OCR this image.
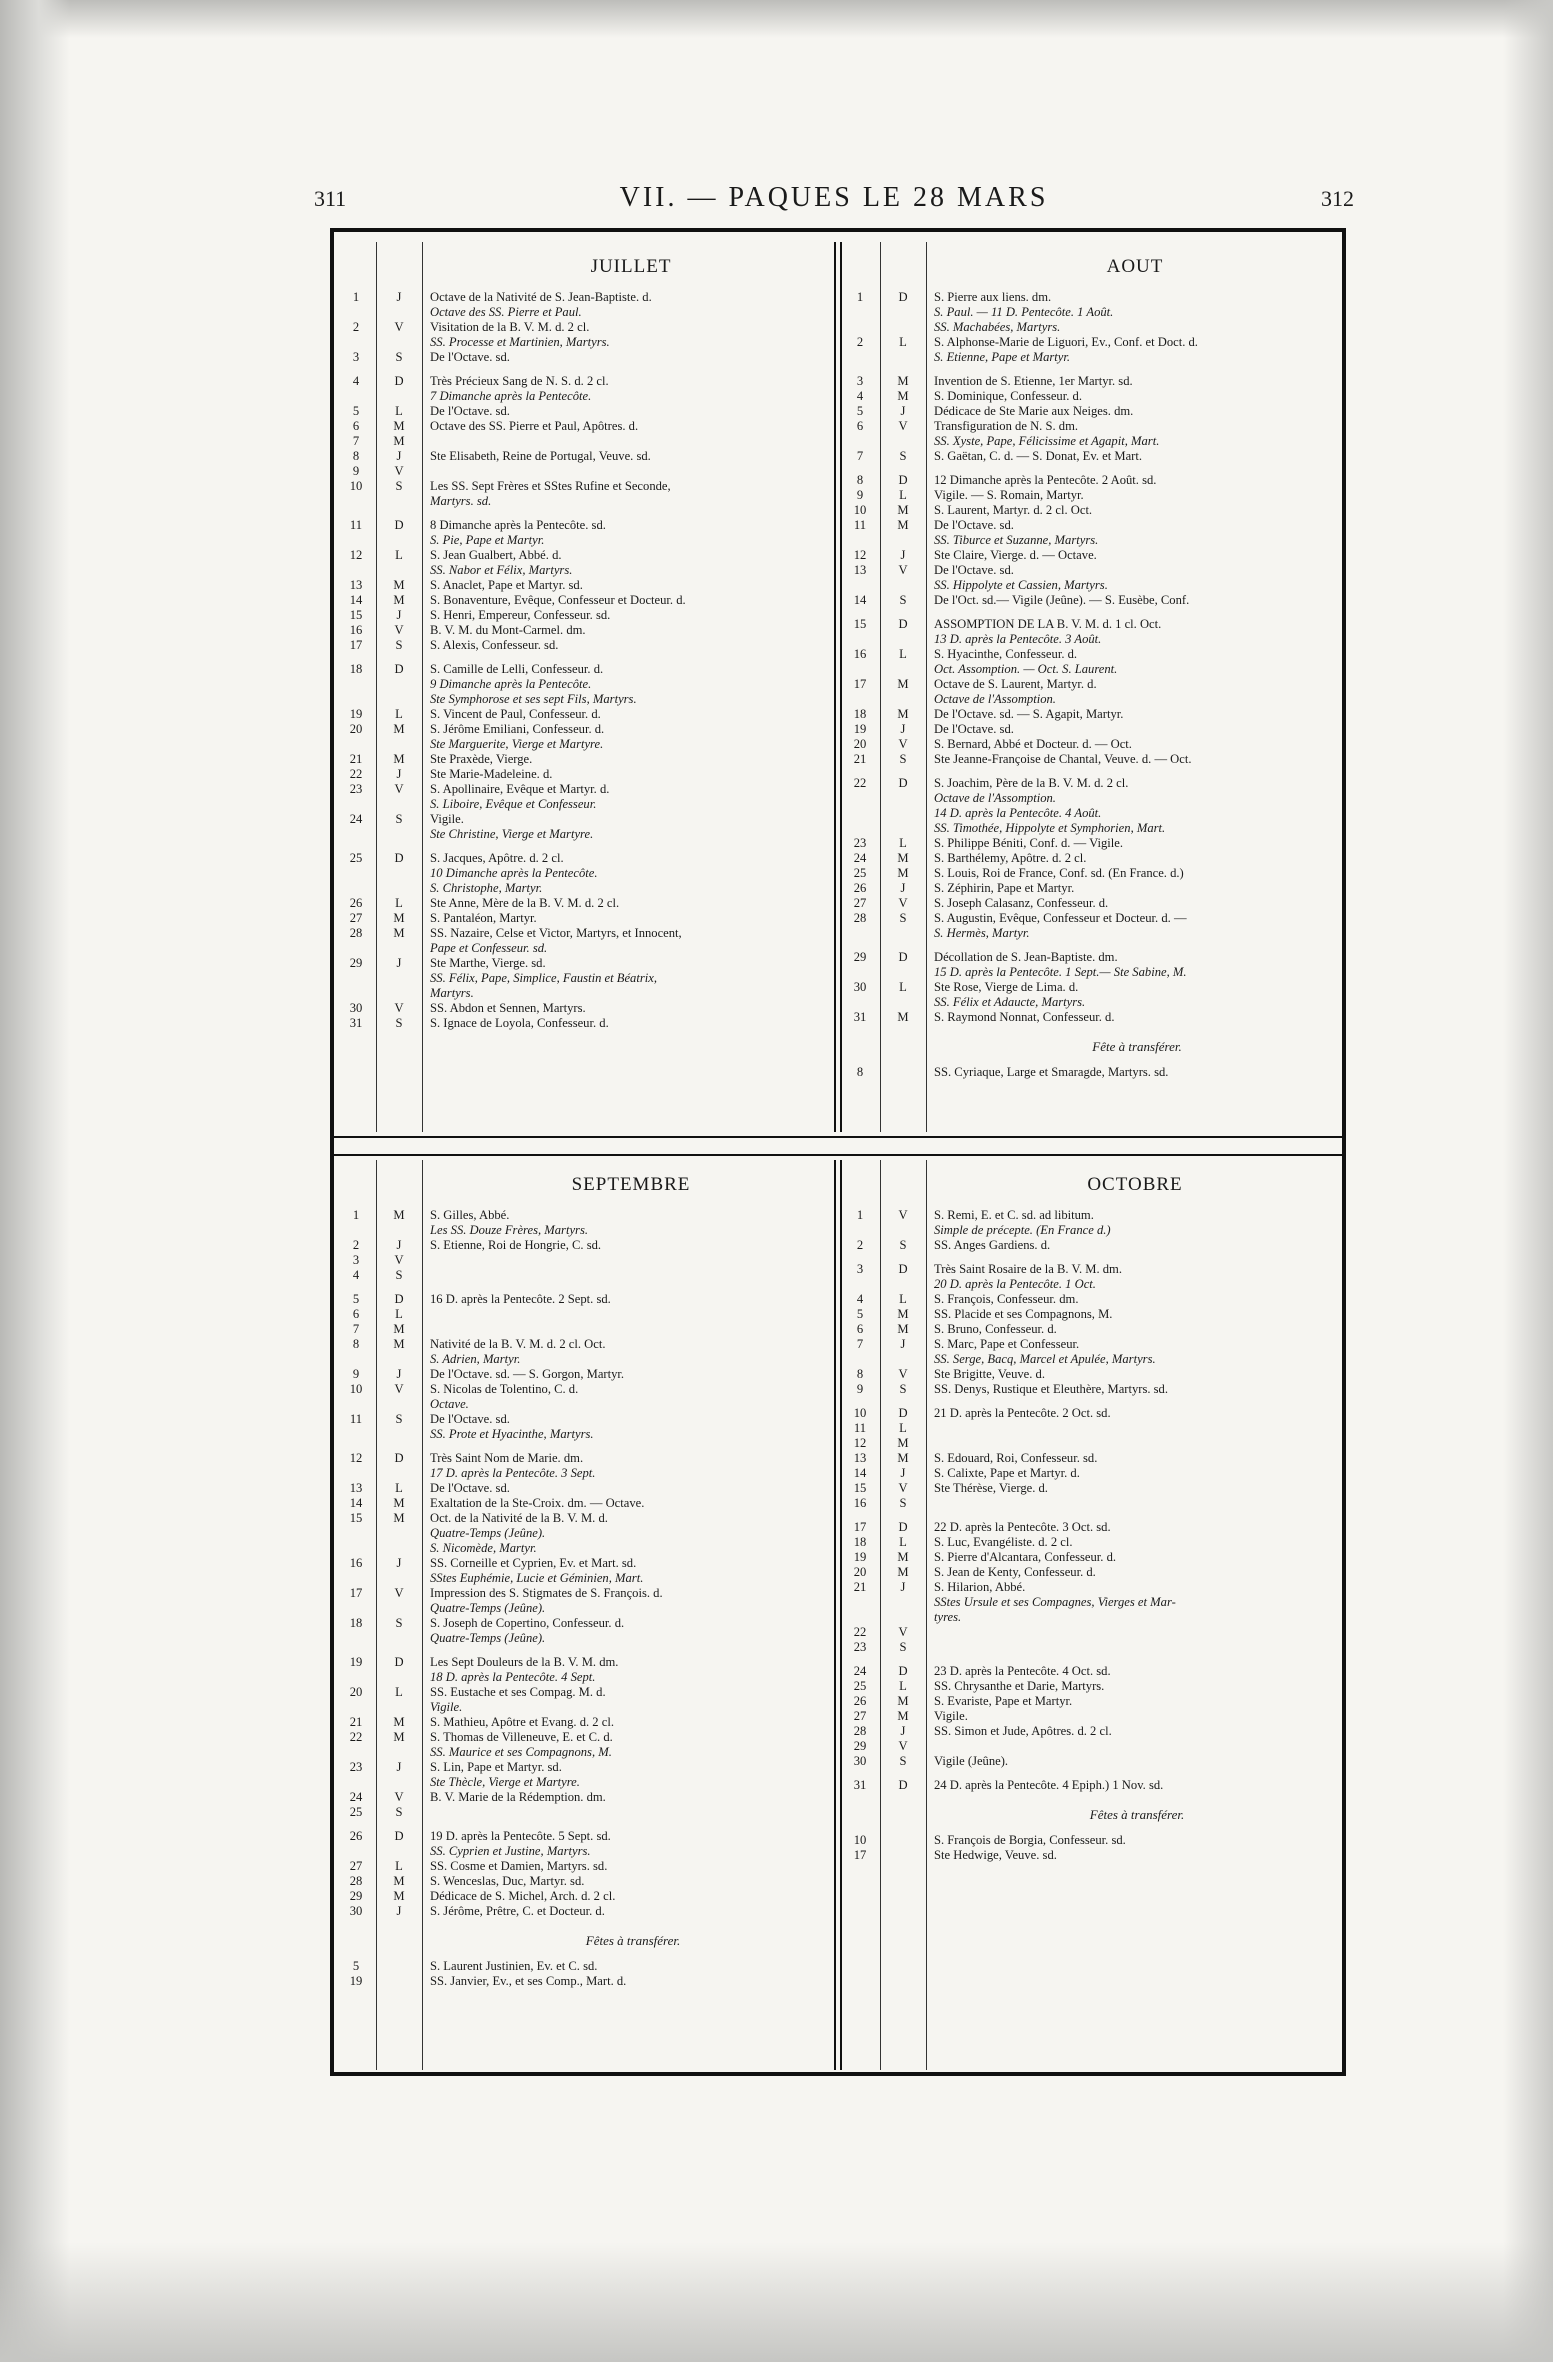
311	VII. — PAQUES LE 28 MARS	312
JUILLET
1	J	Octave de la Nativité de S. Jean-Baptiste. d.
Octave des SS. Pierre et Paul.
2	V	Visitation de la B. V. M. d. 2 cl.
SS. Processe et Martinien, Martyrs.
3	S	De l'Octave. sd.
4	D	Très Précieux Sang de N. S. d. 2 cl.
7 Dimanche après la Pentecôte.
5	L	De l'Octave. sd.
6	M	Octave des SS. Pierre et Paul, Apôtres. d.
7	M

8	J	Ste Elisabeth, Reine de Portugal, Veuve. sd.
9	V

10	S	Les SS. Sept Frères et SStes Rufine et Seconde,
Martyrs. sd.
11	D	8 Dimanche après la Pentecôte. sd.
S. Pie, Pape et Martyr.
12	L	S. Jean Gualbert, Abbé. d.
SS. Nabor et Félix, Martyrs.
13	M	S. Anaclet, Pape et Martyr. sd.
14	M	S. Bonaventure, Evêque, Confesseur et Docteur. d.
15	J	S. Henri, Empereur, Confesseur. sd.
16	V	B. V. M. du Mont-Carmel. dm.
17	S	S. Alexis, Confesseur. sd.
18	D	S. Camille de Lelli, Confesseur. d.
9 Dimanche après la Pentecôte.
Ste Symphorose et ses sept Fils, Martyrs.
19	L	S. Vincent de Paul, Confesseur. d.
20	M	S. Jérôme Emiliani, Confesseur. d.
Ste Marguerite, Vierge et Martyre.
21	M	Ste Praxède, Vierge.
22	J	Ste Marie-Madeleine. d.
23	V	S. Apollinaire, Evêque et Martyr. d.
S. Liboire, Evêque et Confesseur.
24	S	Vigile.
Ste Christine, Vierge et Martyre.
25	D	S. Jacques, Apôtre. d. 2 cl.
10 Dimanche après la Pentecôte.
S. Christophe, Martyr.
26	L	Ste Anne, Mère de la B. V. M. d. 2 cl.
27	M	S. Pantaléon, Martyr.
28	M	SS. Nazaire, Celse et Victor, Martyrs, et Innocent,
Pape et Confesseur. sd.
29	J	Ste Marthe, Vierge. sd.
SS. Félix, Pape, Simplice, Faustin et Béatrix,
Martyrs.
30	V	SS. Abdon et Sennen, Martyrs.
31	S	S. Ignace de Loyola, Confesseur. d.
AOUT
1	D	S. Pierre aux liens. dm.
S. Paul. — 11 D. Pentecôte. 1 Août.
SS. Machabées, Martyrs.
2	L	S. Alphonse-Marie de Liguori, Ev., Conf. et Doct. d.
S. Etienne, Pape et Martyr.
3	M	Invention de S. Etienne, 1er Martyr. sd.
4	M	S. Dominique, Confesseur. d.
5	J	Dédicace de Ste Marie aux Neiges. dm.
6	V	Transfiguration de N. S. dm.
SS. Xyste, Pape, Félicissime et Agapit, Mart.
7	S	S. Gaëtan, C. d. — S. Donat, Ev. et Mart.
8	D	12 Dimanche après la Pentecôte. 2 Août. sd.
9	L	Vigile. — S. Romain, Martyr.
10	M	S. Laurent, Martyr. d. 2 cl. Oct.
11	M	De l'Octave. sd.
SS. Tiburce et Suzanne, Martyrs.
12	J	Ste Claire, Vierge. d. — Octave.
13	V	De l'Octave. sd.
SS. Hippolyte et Cassien, Martyrs.
14	S	De l'Oct. sd.— Vigile (Jeûne). — S. Eusèbe, Conf.
15	D	ASSOMPTION DE LA B. V. M. d. 1 cl. Oct.
13 D. après la Pentecôte. 3 Août.
16	L	S. Hyacinthe, Confesseur. d.
Oct. Assomption. — Oct. S. Laurent.
17	M	Octave de S. Laurent, Martyr. d.
Octave de l'Assomption.
18	M	De l'Octave. sd. — S. Agapit, Martyr.
19	J	De l'Octave. sd.
20	V	S. Bernard, Abbé et Docteur. d. — Oct.
21	S	Ste Jeanne-Françoise de Chantal, Veuve. d. — Oct.
22	D	S. Joachim, Père de la B. V. M. d. 2 cl.
Octave de l'Assomption.
14 D. après la Pentecôte. 4 Août.
SS. Timothée, Hippolyte et Symphorien, Mart.
23	L	S. Philippe Béniti, Conf. d. — Vigile.
24	M	S. Barthélemy, Apôtre. d. 2 cl.
25	M	S. Louis, Roi de France, Conf. sd. (En France. d.)
26	J	S. Zéphirin, Pape et Martyr.
27	V	S. Joseph Calasanz, Confesseur. d.
28	S	S. Augustin, Evêque, Confesseur et Docteur. d. —
S. Hermès, Martyr.
29	D	Décollation de S. Jean-Baptiste. dm.
15 D. après la Pentecôte. 1 Sept.— Ste Sabine, M.
30	L	Ste Rose, Vierge de Lima. d.
SS. Félix et Adaucte, Martyrs.
31	M	S. Raymond Nonnat, Confesseur. d.
Fête à transférer.
8	SS. Cyriaque, Large et Smaragde, Martyrs. sd.
SEPTEMBRE
1	M	S. Gilles, Abbé.
Les SS. Douze Frères, Martyrs.
2	J	S. Etienne, Roi de Hongrie, C. sd.
3	V

4	S

5	D	16 D. après la Pentecôte. 2 Sept. sd.
6	L

7	M

8	M	Nativité de la B. V. M. d. 2 cl. Oct.
S. Adrien, Martyr.
9	J	De l'Octave. sd. — S. Gorgon, Martyr.
10	V	S. Nicolas de Tolentino, C. d.
Octave.
11	S	De l'Octave. sd.
SS. Prote et Hyacinthe, Martyrs.
12	D	Très Saint Nom de Marie. dm.
17 D. après la Pentecôte. 3 Sept.
13	L	De l'Octave. sd.
14	M	Exaltation de la Ste-Croix. dm. — Octave.
15	M	Oct. de la Nativité de la B. V. M. d.
Quatre-Temps (Jeûne).
S. Nicomède, Martyr.
16	J	SS. Corneille et Cyprien, Ev. et Mart. sd.
SStes Euphémie, Lucie et Géminien, Mart.
17	V	Impression des S. Stigmates de S. François. d.
Quatre-Temps (Jeûne).
18	S	S. Joseph de Copertino, Confesseur. d.
Quatre-Temps (Jeûne).
19	D	Les Sept Douleurs de la B. V. M. dm.
18 D. après la Pentecôte. 4 Sept.
20	L	SS. Eustache et ses Compag. M. d.
Vigile.
21	M	S. Mathieu, Apôtre et Evang. d. 2 cl.
22	M	S. Thomas de Villeneuve, E. et C. d.
SS. Maurice et ses Compagnons, M.
23	J	S. Lin, Pape et Martyr. sd.
Ste Thècle, Vierge et Martyre.
24	V	B. V. Marie de la Rédemption. dm.
25	S

26	D	19 D. après la Pentecôte. 5 Sept. sd.
SS. Cyprien et Justine, Martyrs.
27	L	SS. Cosme et Damien, Martyrs. sd.
28	M	S. Wenceslas, Duc, Martyr. sd.
29	M	Dédicace de S. Michel, Arch. d. 2 cl.
30	J	S. Jérôme, Prêtre, C. et Docteur. d.
Fêtes à transférer.
5	S. Laurent Justinien, Ev. et C. sd.
19	SS. Janvier, Ev., et ses Comp., Mart. d.
OCTOBRE
1	V	S. Remi, E. et C. sd. ad libitum.
Simple de précepte. (En France d.)
2	S	SS. Anges Gardiens. d.
3	D	Très Saint Rosaire de la B. V. M. dm.
20 D. après la Pentecôte. 1 Oct.
4	L	S. François, Confesseur. dm.
5	M	SS. Placide et ses Compagnons, M.
6	M	S. Bruno, Confesseur. d.
7	J	S. Marc, Pape et Confesseur.
SS. Serge, Bacq, Marcel et Apulée, Martyrs.
8	V	Ste Brigitte, Veuve. d.
9	S	SS. Denys, Rustique et Eleuthère, Martyrs. sd.
10	D	21 D. après la Pentecôte. 2 Oct. sd.
11	L

12	M

13	M	S. Edouard, Roi, Confesseur. sd.
14	J	S. Calixte, Pape et Martyr. d.
15	V	Ste Thérèse, Vierge. d.
16	S

17	D	22 D. après la Pentecôte. 3 Oct. sd.
18	L	S. Luc, Evangéliste. d. 2 cl.
19	M	S. Pierre d'Alcantara, Confesseur. d.
20	M	S. Jean de Kenty, Confesseur. d.
21	J	S. Hilarion, Abbé.
SStes Ursule et ses Compagnes, Vierges et Mar-
tyres.
22	V

23	S

24	D	23 D. après la Pentecôte. 4 Oct. sd.
25	L	SS. Chrysanthe et Darie, Martyrs.
26	M	S. Evariste, Pape et Martyr.
27	M	Vigile.
28	J	SS. Simon et Jude, Apôtres. d. 2 cl.
29	V

30	S	Vigile (Jeûne).
31	D	24 D. après la Pentecôte. 4 Epiph.) 1 Nov. sd.
Fêtes à transférer.
10	S. François de Borgia, Confesseur. sd.
17	Ste Hedwige, Veuve. sd.
